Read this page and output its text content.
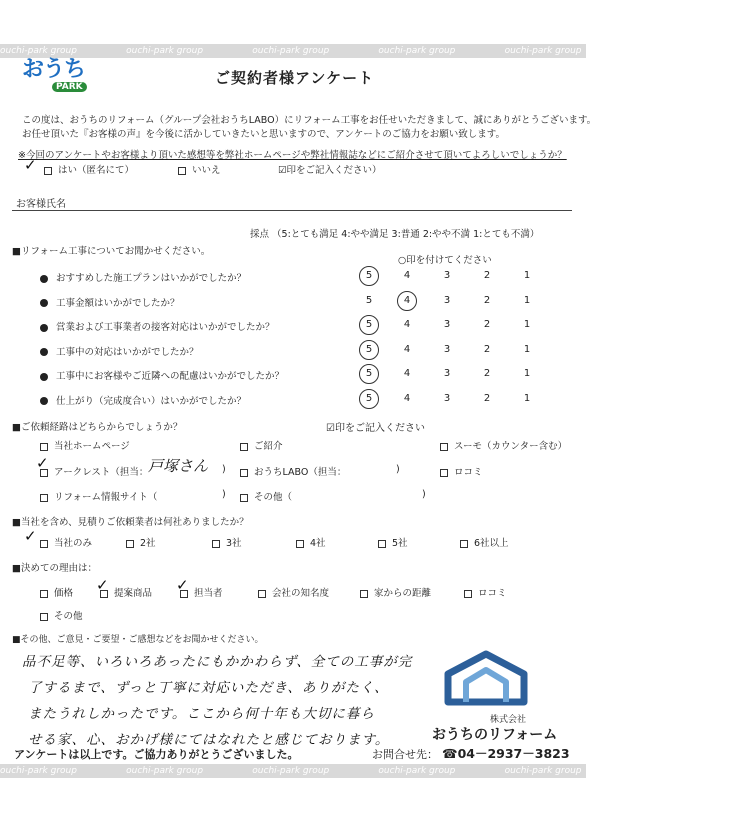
ouchi-park group	ouchi-park group	ouchi-park group	ouchi-park group	ouchi-park group	ouchi-park group
おうち
PARK	ご契約者様アンケート
この度は、おうちのリフォーム（グループ会社おうちLABO）にリフォーム工事をお任せいただきまして、誠にありがとうございます。
お任せ頂いた『お客様の声』を今後に活かしていきたいと思いますので、アンケートのご協力をお願い致します。
※今回のアンケートやお客様より頂いた感想等を弊社ホームページや弊社情報誌などにご紹介させて頂いてよろしいでしょうか？
✓	はい（匿名にて）	いいえ	☑印をご記入ください）
お客様氏名
採点 （5:とても満足 4:やや満足 3:普通 2:やや不満 1:とても不満）
■リフォーム工事についてお聞かせください。
○印を付けてください
おすすめした施工プランはいかがでしたか？	5	4	3	2	1
工事金額はいかがでしたか？	5	4	3	2	1
営業および工事業者の接客対応はいかがでしたか？	5	4	3	2	1
工事中の対応はいかがでしたか？	5	4	3	2	1
工事中にお客様やご近隣への配慮はいかがでしたか？	5	4	3	2	1
仕上がり（完成度合い）はいかがでしたか？	5	4	3	2	1
■ご依頼経路はどちらからでしょうか？	☑印をご記入ください
当社ホームページ	ご紹介	スーモ（カウンター含む）
✓
アークレスト（担当： 戸塚さん )	おうちLABO（担当：	)	ロコミ
リフォーム情報サイト（	)	その他（	)
■当社を含め、見積りご依頼業者は何社ありましたか？
✓	当社のみ	2社	3社	4社	5社	6社以上
■決めての理由は：
価格 ✓ 提案商品 ✓ 担当者	会社の知名度	家からの距離	ロコミ
その他
■その他、ご意見・ご要望・ご感想などをお聞かせください。
品不足等、いろいろあったにもかかわらず、全ての工事が完
了するまで、ずっと丁寧に対応いただき、ありがたく、
またうれしかったです。ここから何十年も大切に暮ら
せる家、心、おかげ様にてはなれたと感じております。
株式会社
おうちのリフォーム
アンケートは以上です。ご協力ありがとうございました。	お問合せ先： ☎04－2937－3823
ouchi-park group	ouchi-park group	ouchi-park group	ouchi-park group	ouchi-park group	ouchi-park group
